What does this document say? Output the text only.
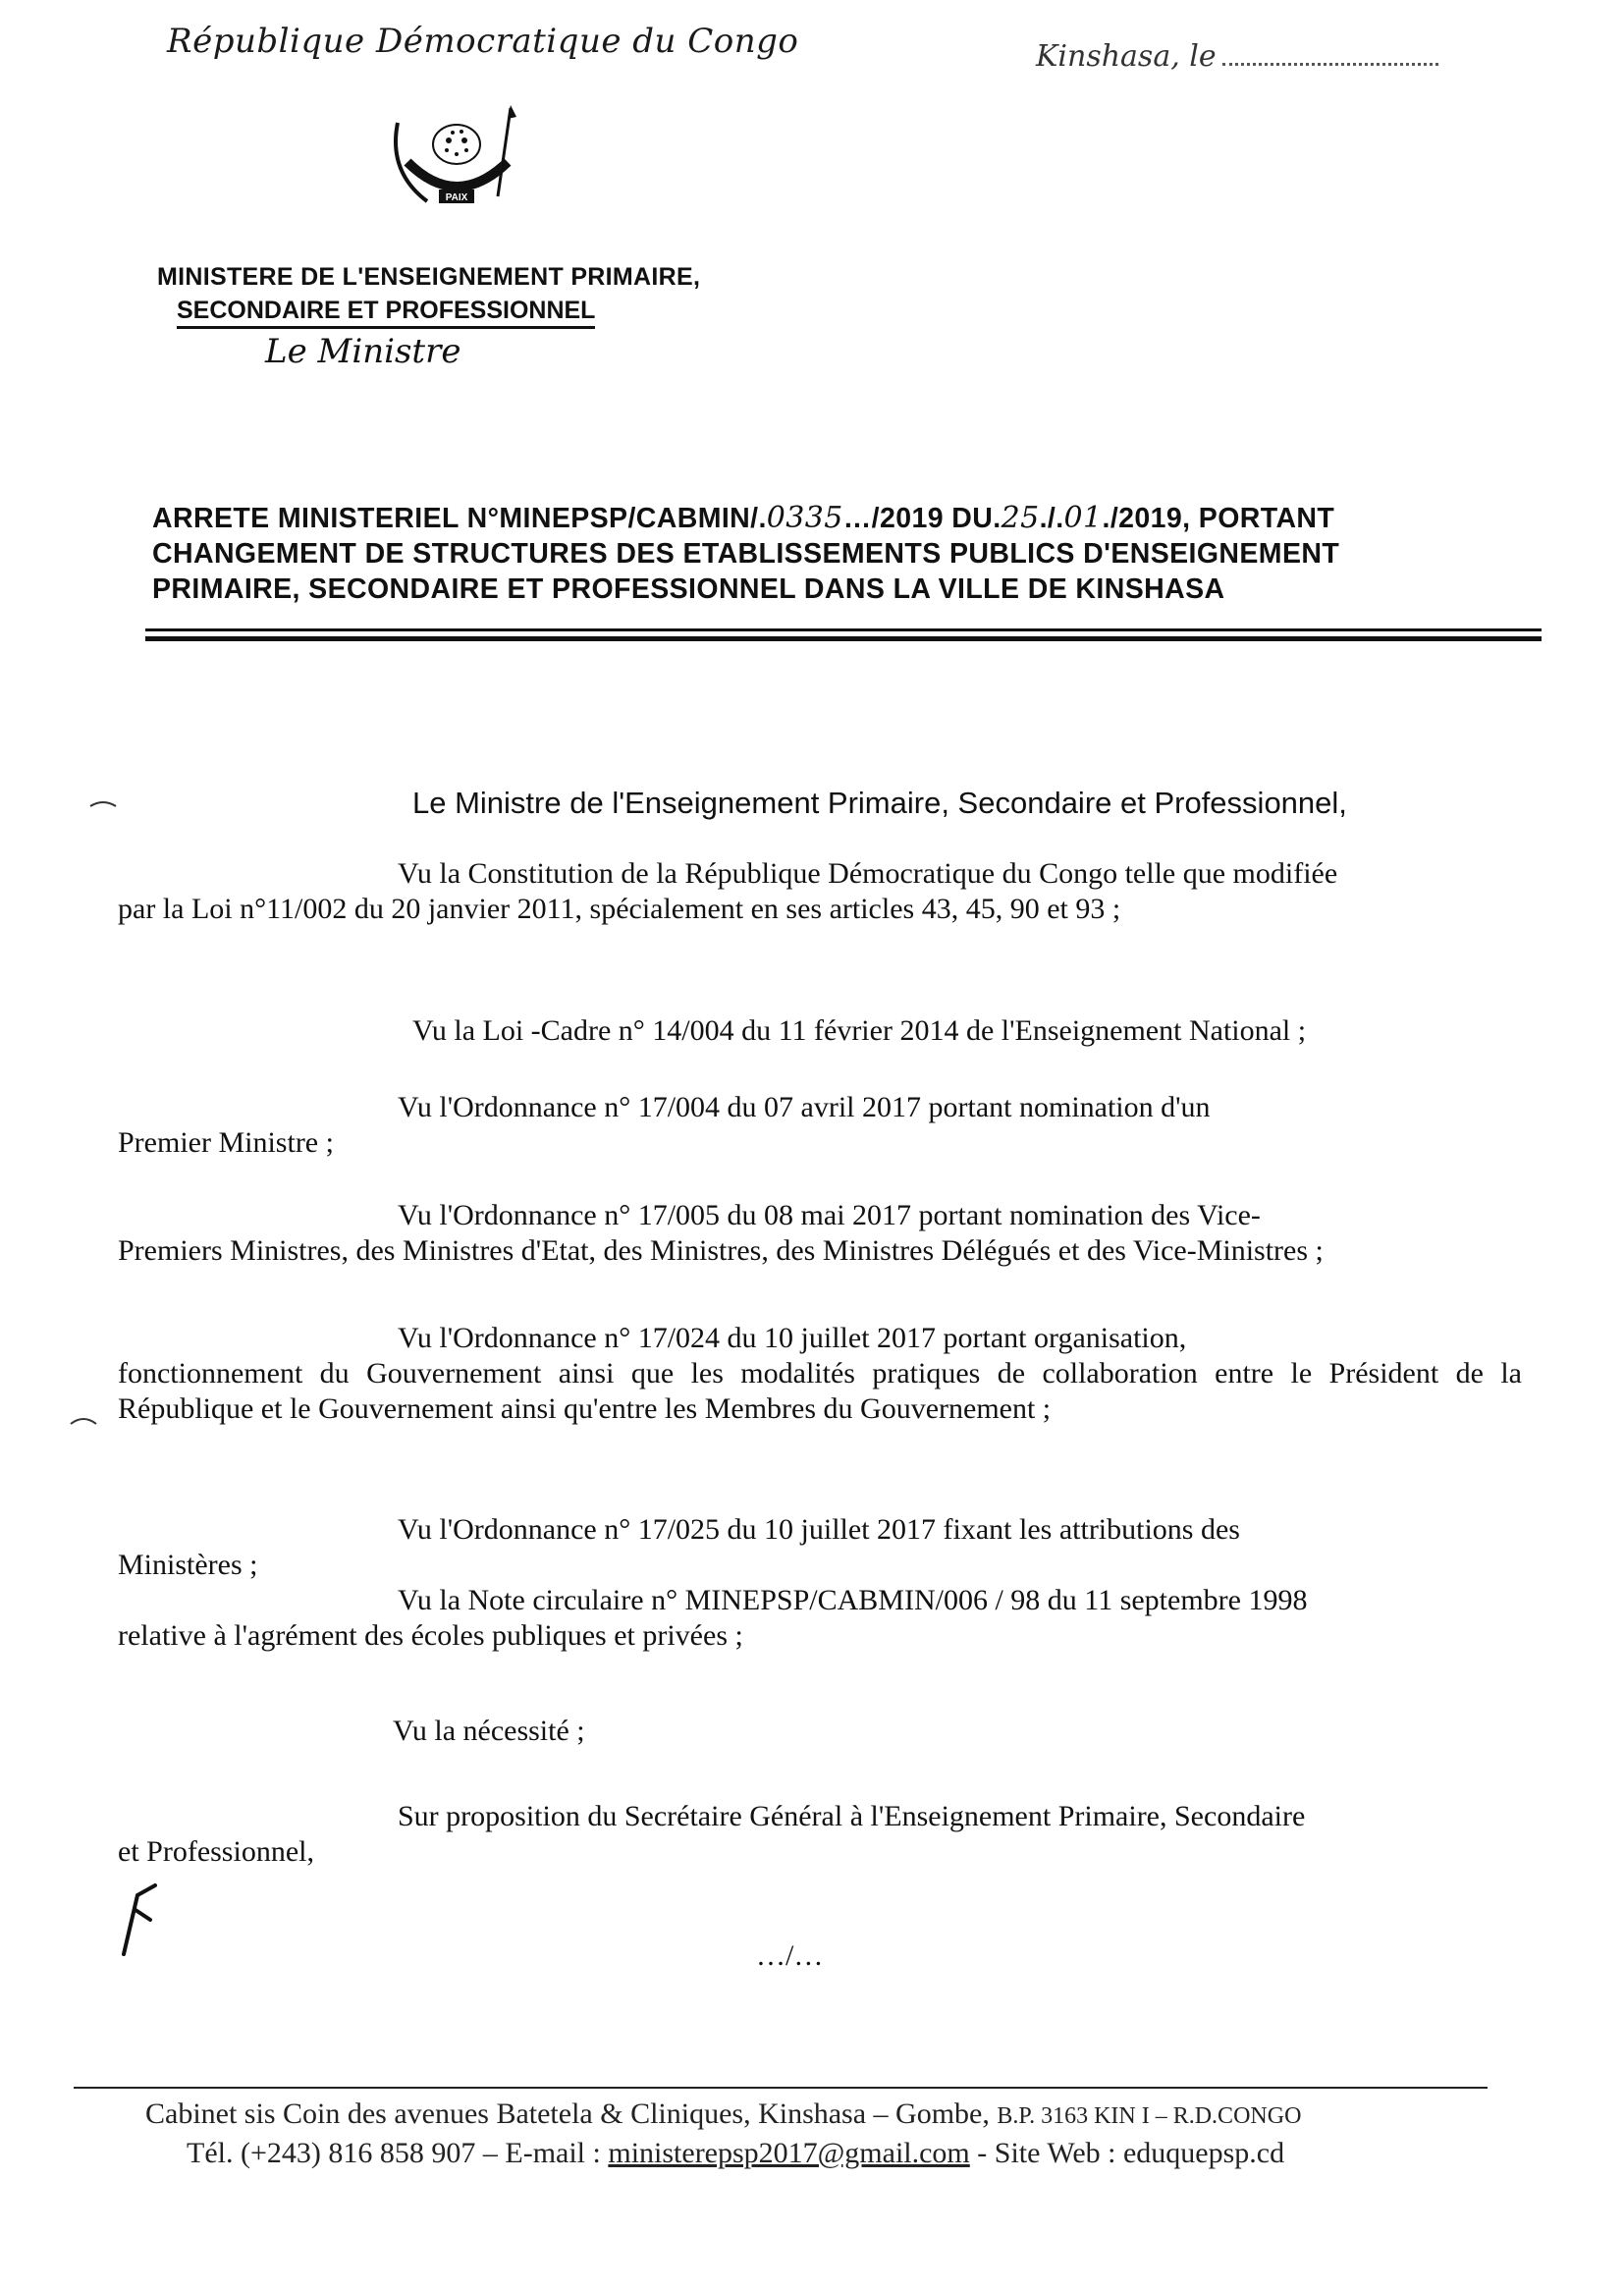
République Démocratique du Congo	Kinshasa, le
PAIX
MINISTERE DE L'ENSEIGNEMENT PRIMAIRE,
SECONDAIRE ET PROFESSIONNEL
Le Ministre
ARRETE MINISTERIEL N°MINEPSP/CABMIN/.0335…/2019 DU.25./.01./2019, PORTANT
CHANGEMENT DE STRUCTURES DES ETABLISSEMENTS PUBLICS D'ENSEIGNEMENT
PRIMAIRE, SECONDAIRE ET PROFESSIONNEL DANS LA VILLE DE KINSHASA
Le Ministre de l'Enseignement Primaire, Secondaire et Professionnel,
Vu la Constitution de la République Démocratique du Congo telle que modifiée
par la Loi n°11/002 du 20 janvier 2011, spécialement en ses articles 43, 45, 90 et 93 ;
Vu la Loi -Cadre n° 14/004 du 11 février 2014 de l'Enseignement National ;
Vu l'Ordonnance n° 17/004 du 07 avril 2017 portant nomination d'un
Premier Ministre ;
Vu l'Ordonnance n° 17/005 du 08 mai 2017 portant nomination des Vice-
Premiers Ministres, des Ministres d'Etat, des Ministres, des Ministres Délégués et des Vice-Ministres ;
Vu l'Ordonnance n° 17/024 du 10 juillet 2017 portant organisation,
fonctionnement du Gouvernement ainsi que les modalités pratiques de collaboration entre le Président de la République et le Gouvernement ainsi qu'entre les Membres du Gouvernement ;
Vu l'Ordonnance n° 17/025 du 10 juillet 2017 fixant les attributions des
Ministères ;
Vu la Note circulaire n° MINEPSP/CABMIN/006 / 98 du 11 septembre 1998
relative à l'agrément des écoles publiques et privées ;
Vu la nécessité ;
Sur proposition du Secrétaire Général à l'Enseignement Primaire, Secondaire
et Professionnel,
…/…
Cabinet sis Coin des avenues Batetela & Cliniques, Kinshasa – Gombe, B.P. 3163 KIN I – R.D.CONGO
Tél. (+243) 816 858 907 – E-mail : ministerepsp2017@gmail.com - Site Web : eduquepsp.cd
